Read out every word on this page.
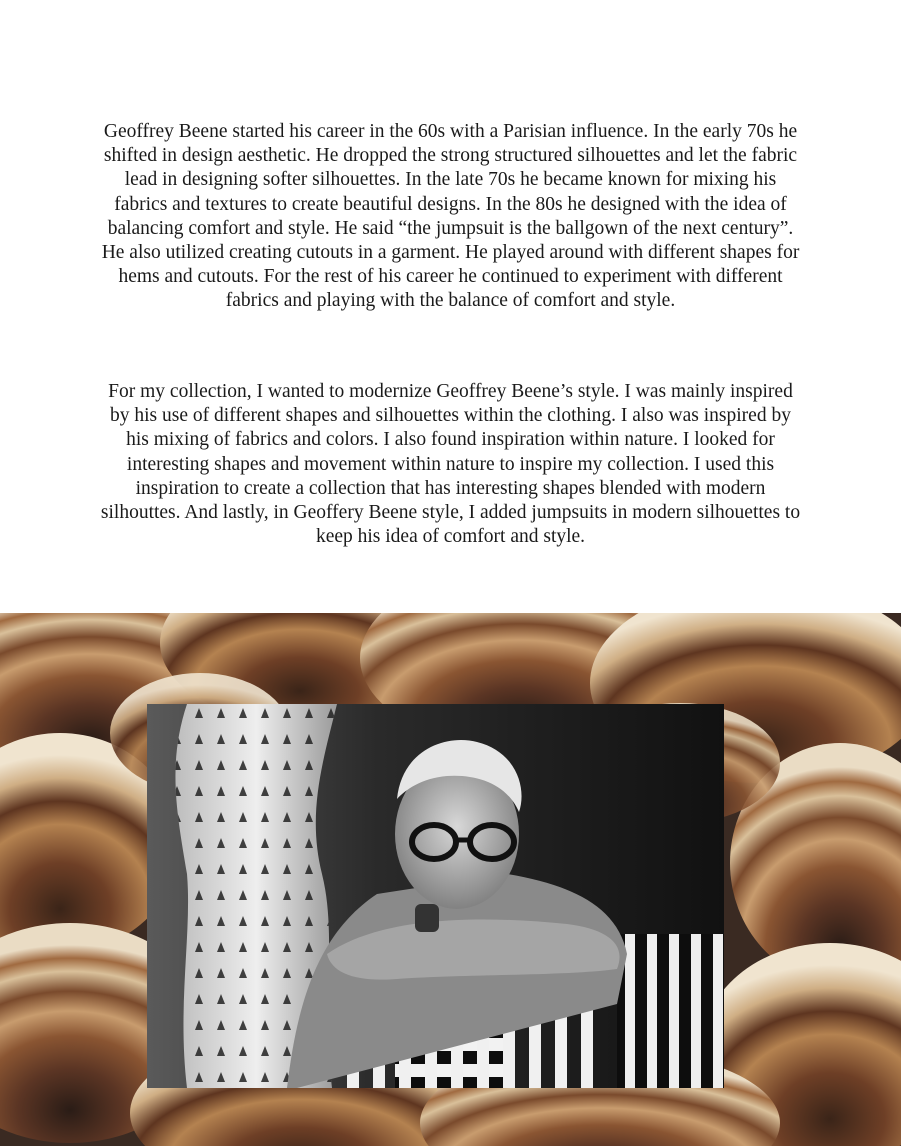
Geoffrey Beene started his career in the 60s with a Parisian influence. In the early 70s he shifted in design aesthetic. He dropped the strong structured silhouettes and let the fabric lead in designing softer silhouettes. In the late 70s he became known for mixing his fabrics and textures to create beautiful designs. In the 80s he designed with the idea of balancing comfort and style. He said “the jumpsuit is the ballgown of the next century”. He also utilized creating cutouts in a garment. He played around with different shapes for hems and cutouts. For the rest of his career he continued to experiment with different fabrics and playing with the balance of comfort and style.

For my collection, I wanted to modernize Geoffrey Beene’s style. I was mainly inspired by his use of different shapes and silhouettes within the clothing. I also was inspired by his mixing of fabrics and colors. I also found inspiration within nature. I looked for interesting shapes and movement within nature to inspire my collection. I used this inspiration to create a collection that has interesting shapes blended with modern silhouttes. And lastly, in Geoffery Beene style, I added jumpsuits in modern silhouettes to keep his idea of comfort and style.
